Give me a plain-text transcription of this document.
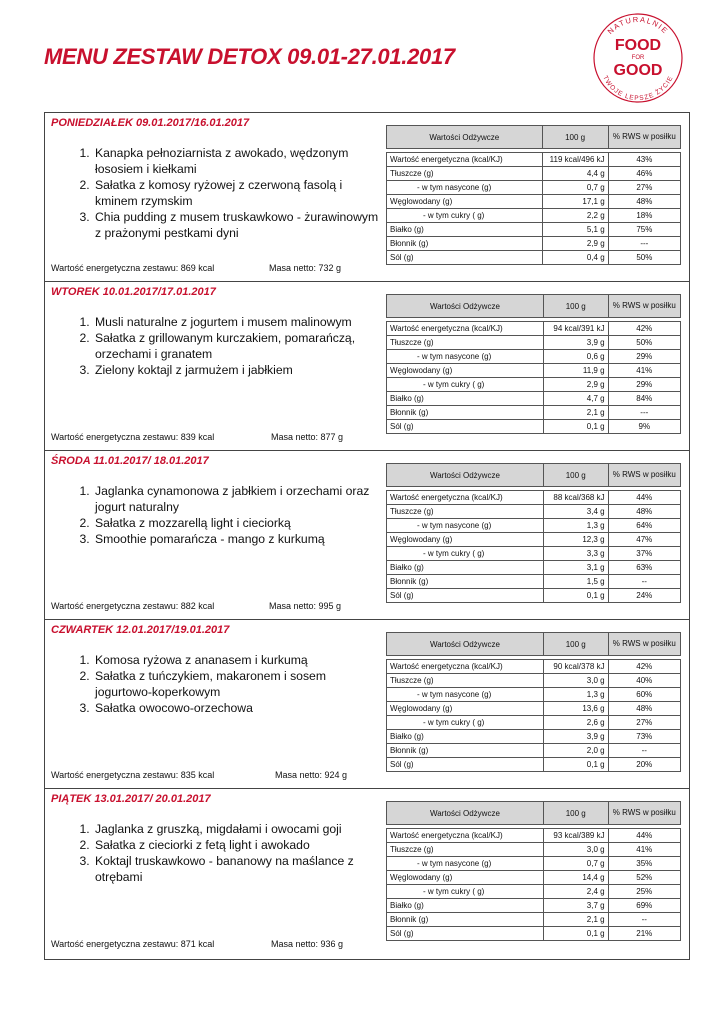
MENU ZESTAW DETOX 09.01-27.01.2017
NATURALNIE
TWOJE LEPSZE ŻYCIE
FOOD
FOR
GOOD
PONIEDZIAŁEK 09.01.2017/16.01.2017
1. Kanapka pełnoziarnista z awokado, wędzonym łososiem i kiełkami
2. Sałatka z komosy ryżowej z czerwoną fasolą i kminem rzymskim
3. Chia pudding z musem truskawkowo - żurawinowym z prażonymi pestkami dyni
Wartość energetyczna zestawu: 869 kcal	Masa netto: 732 g
Wartości Odżywcze	100 g	% RWS w posiłku

Wartość energetyczna (kcal/KJ)	119 kcal/496 kJ	43%
Tłuszcze (g)	4,4 g	46%
- w tym nasycone (g)	0,7 g	27%
Węglowodany (g)	17,1 g	48%
- w tym cukry ( g)	2,2 g	18%
Białko (g)	5,1 g	75%
Błonnik (g)	2,9 g	---
Sól (g)	0,4 g	50%
WTOREK 10.01.2017/17.01.2017
1. Musli naturalne z jogurtem i musem malinowym
2. Sałatka z grillowanym kurczakiem, pomarańczą, orzechami i granatem
3. Zielony koktajl z jarmużem i jabłkiem
Wartość energetyczna zestawu: 839 kcal	Masa netto: 877 g
Wartości Odżywcze	100 g	% RWS w posiłku

Wartość energetyczna (kcal/KJ)	94 kcal/391 kJ	42%
Tłuszcze (g)	3,9 g	50%
- w tym nasycone (g)	0,6 g	29%
Węglowodany (g)	11,9 g	41%
- w tym cukry ( g)	2,9 g	29%
Białko (g)	4,7 g	84%
Błonnik (g)	2,1 g	---
Sól (g)	0,1 g	9%
ŚRODA 11.01.2017/ 18.01.2017
1. Jaglanka cynamonowa z jabłkiem i orzechami oraz jogurt naturalny
2. Sałatka z mozzarellą light i cieciorką
3. Smoothie pomarańcza - mango z kurkumą
Wartość energetyczna zestawu: 882 kcal	Masa netto: 995 g
Wartości Odżywcze	100 g	% RWS w posiłku

Wartość energetyczna (kcal/KJ)	88 kcal/368 kJ	44%
Tłuszcze (g)	3,4 g	48%
- w tym nasycone (g)	1,3 g	64%
Węglowodany (g)	12,3 g	47%
- w tym cukry ( g)	3,3 g	37%
Białko (g)	3,1 g	63%
Błonnik (g)	1,5 g	--
Sól (g)	0,1 g	24%
CZWARTEK 12.01.2017/19.01.2017
1. Komosa ryżowa z ananasem i kurkumą
2. Sałatka z tuńczykiem, makaronem i sosem jogurtowo-koperkowym
3. Sałatka owocowo-orzechowa
Wartość energetyczna zestawu: 835 kcal	Masa netto: 924 g
Wartości Odżywcze	100 g	% RWS w posiłku

Wartość energetyczna (kcal/KJ)	90 kcal/378 kJ	42%
Tłuszcze (g)	3,0 g	40%
- w tym nasycone (g)	1,3 g	60%
Węglowodany (g)	13,6 g	48%
- w tym cukry ( g)	2,6 g	27%
Białko (g)	3,9 g	73%
Błonnik (g)	2,0 g	--
Sól (g)	0,1 g	20%
PIĄTEK 13.01.2017/ 20.01.2017
1. Jaglanka z gruszką, migdałami i owocami goji
2. Sałatka z cieciorki z fetą light i awokado
3. Koktajl truskawkowo - bananowy na maślance z otrębami
Wartość energetyczna zestawu: 871 kcal	Masa netto: 936 g
Wartości Odżywcze	100 g	% RWS w posiłku

Wartość energetyczna (kcal/KJ)	93 kcal/389 kJ	44%
Tłuszcze (g)	3,0 g	41%
- w tym nasycone (g)	0,7 g	35%
Węglowodany (g)	14,4 g	52%
- w tym cukry ( g)	2,4 g	25%
Białko (g)	3,7 g	69%
Błonnik (g)	2,1 g	--
Sól (g)	0,1 g	21%
